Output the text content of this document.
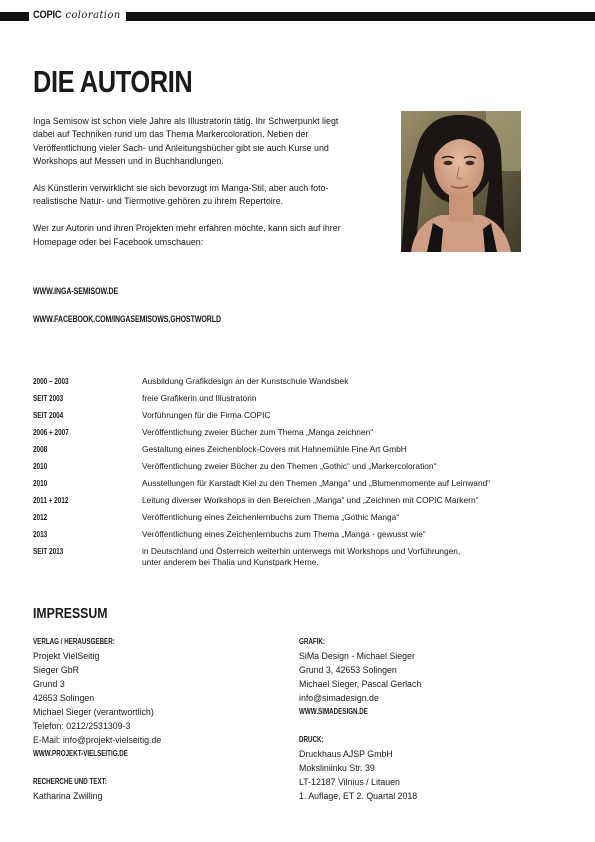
COPIC coloration
DIE AUTORIN

Inga Semisow ist schon viele Jahre als Illustratorin tätig. Ihr Schwerpunkt liegt dabei auf Techniken rund um das Thema Markercoloration. Neben der Veröffentlichung vieler Sach- und Anleitungsbücher gibt sie auch Kurse und Workshops auf Messen und in Buchhandlungen.

Als Künstlerin verwirklicht sie sich bevorzugt im Manga-Stil, aber auch foto-realistische Natur- und Tiermotive gehören zu ihrem Repertoire.

Wer zur Autorin und ihren Projekten mehr erfahren möchte, kann sich auf ihrer Homepage oder bei Facebook umschauen:

WWW.INGA-SEMISOW.DE
WWW.FACEBOOK.COM/INGASEMISOWS.GHOSTWORLD
2000 – 2003	Ausbildung Grafikdesign an der Kunstschule Wandsbek
SEIT 2003	freie Grafikerin und Illustratorin
SEIT 2004	Vorführungen für die Firma COPIC
2006 + 2007	Veröffentlichung zweier Bücher zum Thema „Manga zeichnen“
2008	Gestaltung eines Zeichenblock-Covers mit Hahnemühle Fine Art GmbH
2010	Veröffentlichung zweier Bücher zu den Themen „Gothic“ und „Markercoloration“
2010	Ausstellungen für Karstadt Kiel zu den Themen „Manga“ und „Blumenmomente auf Leinwand“
2011 + 2012	Leitung diverser Workshops in den Bereichen „Manga“ und „Zeichnen mit COPIC Markern“
2012	Veröffentlichung eines Zeichenlernbuchs zum Thema „Gothic Manga“
2013	Veröffentlichung eines Zeichenlernbuchs zum Thema „Manga - gewusst wie“
SEIT 2013	in Deutschland und Österreich weiterhin unterwegs mit Workshops und Vorführungen,
unter anderem bei Thalia und Kunstpark Herne.
IMPRESSUM
VERLAG / HERAUSGEBER:
Projekt VielSeitig
Sieger GbR
Grund 3
42653 Solingen
Michael Sieger (verantwortlich)
Telefon: 0212/2531309-3
E-Mail: info@projekt-vielseitig.de
WWW.PROJEKT-VIELSEITIG.DE
RECHERCHE UND TEXT:
Katharina Zwilling
GRAFIK:
SiMa Design - Michael Sieger
Grund 3, 42653 Solingen
Michael Sieger, Pascal Gerlach
info@simadesign.de
WWW.SIMADESIGN.DE
DRUCK:
Druckhaus AJSP GmbH
Moksliniinku Str. 39
LT-12187 Vilnius / Litauen
1. Auflage, ET 2. Quartal 2018
